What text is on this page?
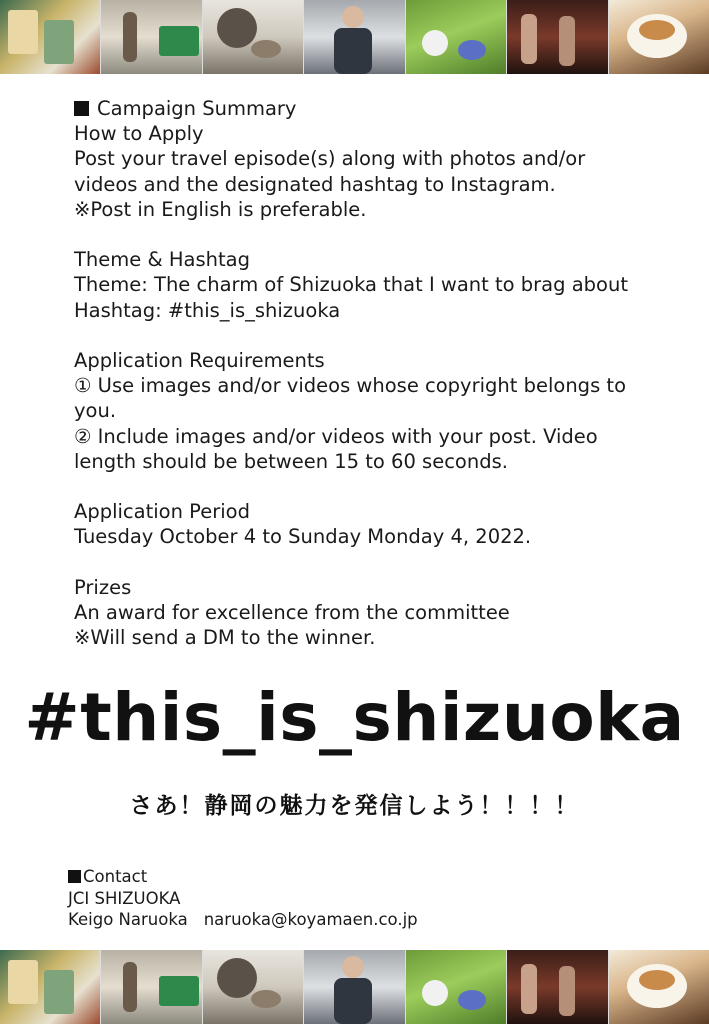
Campaign Summary

How to Apply

Post your travel episode(s) along with photos and/or

videos and the designated hashtag to Instagram.

※Post in English is preferable.

Theme & Hashtag

Theme: The charm of Shizuoka that I want to brag about

Hashtag: #this_is_shizuoka

Application Requirements

① Use images and/or videos whose copyright belongs to

you.

② Include images and/or videos with your post. Video

length should be between 15 to 60 seconds.

Application Period

Tuesday October 4 to Sunday Monday 4, 2022.

Prizes

An award for excellence from the committee

※Will send a DM to the winner.

#this_is_shizuoka
さあ！静岡の魅力を発信しよう！！！！

Contact

JCI SHIZUOKA

Keigo Naruoka naruoka@koyamaen.co.jp
